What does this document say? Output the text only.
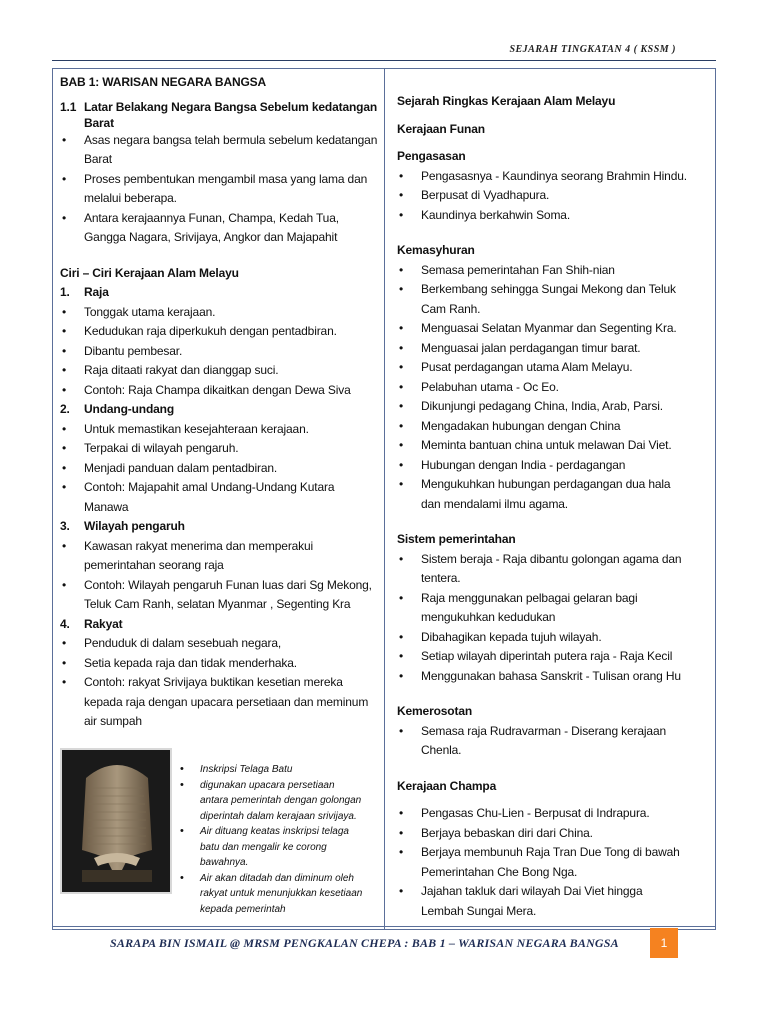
SEJARAH TINGKATAN 4 ( KSSM )
BAB 1: WARISAN NEGARA BANGSA
1.1 Latar Belakang Negara Bangsa Sebelum kedatangan
Barat
• Asas negara bangsa telah bermula sebelum kedatangan
Barat
• Proses pembentukan mengambil masa yang lama dan
melalui beberapa.
• Antara kerajaannya Funan, Champa, Kedah Tua,
Gangga Nagara, Srivijaya, Angkor dan Majapahit
Ciri – Ciri Kerajaan Alam Melayu
1. Raja
• Tonggak utama kerajaan.
• Kedudukan raja diperkukuh dengan pentadbiran.
• Dibantu pembesar.
• Raja ditaati rakyat dan dianggap suci.
• Contoh: Raja Champa dikaitkan dengan Dewa Siva
2. Undang-undang
• Untuk memastikan kesejahteraan kerajaan.
• Terpakai di wilayah pengaruh.
• Menjadi panduan dalam pentadbiran.
• Contoh: Majapahit amal Undang-Undang Kutara
Manawa
3. Wilayah pengaruh
• Kawasan rakyat menerima dan memperakui
pemerintahan seorang raja
• Contoh: Wilayah pengaruh Funan luas dari Sg Mekong,
Teluk Cam Ranh, selatan Myanmar , Segenting Kra
4. Rakyat
• Penduduk di dalam sesebuah negara,
• Setia kepada raja dan tidak menderhaka.
• Contoh: rakyat Srivijaya buktikan kesetian mereka
kepada raja dengan upacara persetiaan dan meminum
air sumpah
• Inskripsi Telaga Batu
• digunakan upacara persetiaan
antara pemerintah dengan golongan
diperintah dalam kerajaan srivijaya.
• Air dituang keatas inskripsi telaga
batu dan mengalir ke corong
bawahnya.
• Air akan ditadah dan diminum oleh
rakyat untuk menunjukkan kesetiaan
kepada pemerintah
Sejarah Ringkas Kerajaan Alam Melayu
Kerajaan Funan
Pengasasan
• Pengasasnya - Kaundinya seorang Brahmin Hindu.
• Berpusat di Vyadhapura.
• Kaundinya berkahwin Soma.
Kemasyhuran
• Semasa pemerintahan Fan Shih-nian
• Berkembang sehingga Sungai Mekong dan Teluk
Cam Ranh.
• Menguasai Selatan Myanmar dan Segenting Kra.
• Menguasai jalan perdagangan timur barat.
• Pusat perdagangan utama Alam Melayu.
• Pelabuhan utama - Oc Eo.
• Dikunjungi pedagang China, India, Arab, Parsi.
• Mengadakan hubungan dengan China
• Meminta bantuan china untuk melawan Dai Viet.
• Hubungan dengan India - perdagangan
• Mengukuhkan hubungan perdagangan dua hala
dan mendalami ilmu agama.
Sistem pemerintahan
• Sistem beraja - Raja dibantu golongan agama dan
tentera.
• Raja menggunakan pelbagai gelaran bagi
mengukuhkan kedudukan
• Dibahagikan kepada tujuh wilayah.
• Setiap wilayah diperintah putera raja - Raja Kecil
• Menggunakan bahasa Sanskrit - Tulisan orang Hu
Kemerosotan
• Semasa raja Rudravarman - Diserang kerajaan
Chenla.
Kerajaan Champa
• Pengasas Chu-Lien - Berpusat di Indrapura.
• Berjaya bebaskan diri dari China.
• Berjaya membunuh Raja Tran Due Tong di bawah
Pemerintahan Che Bong Nga.
• Jajahan takluk dari wilayah Dai Viet hingga
Lembah Sungai Mera.
SARAPA BIN ISMAIL @ MRSM PENGKALAN CHEPA : BAB 1 – WARISAN NEGARA BANGSA	1
